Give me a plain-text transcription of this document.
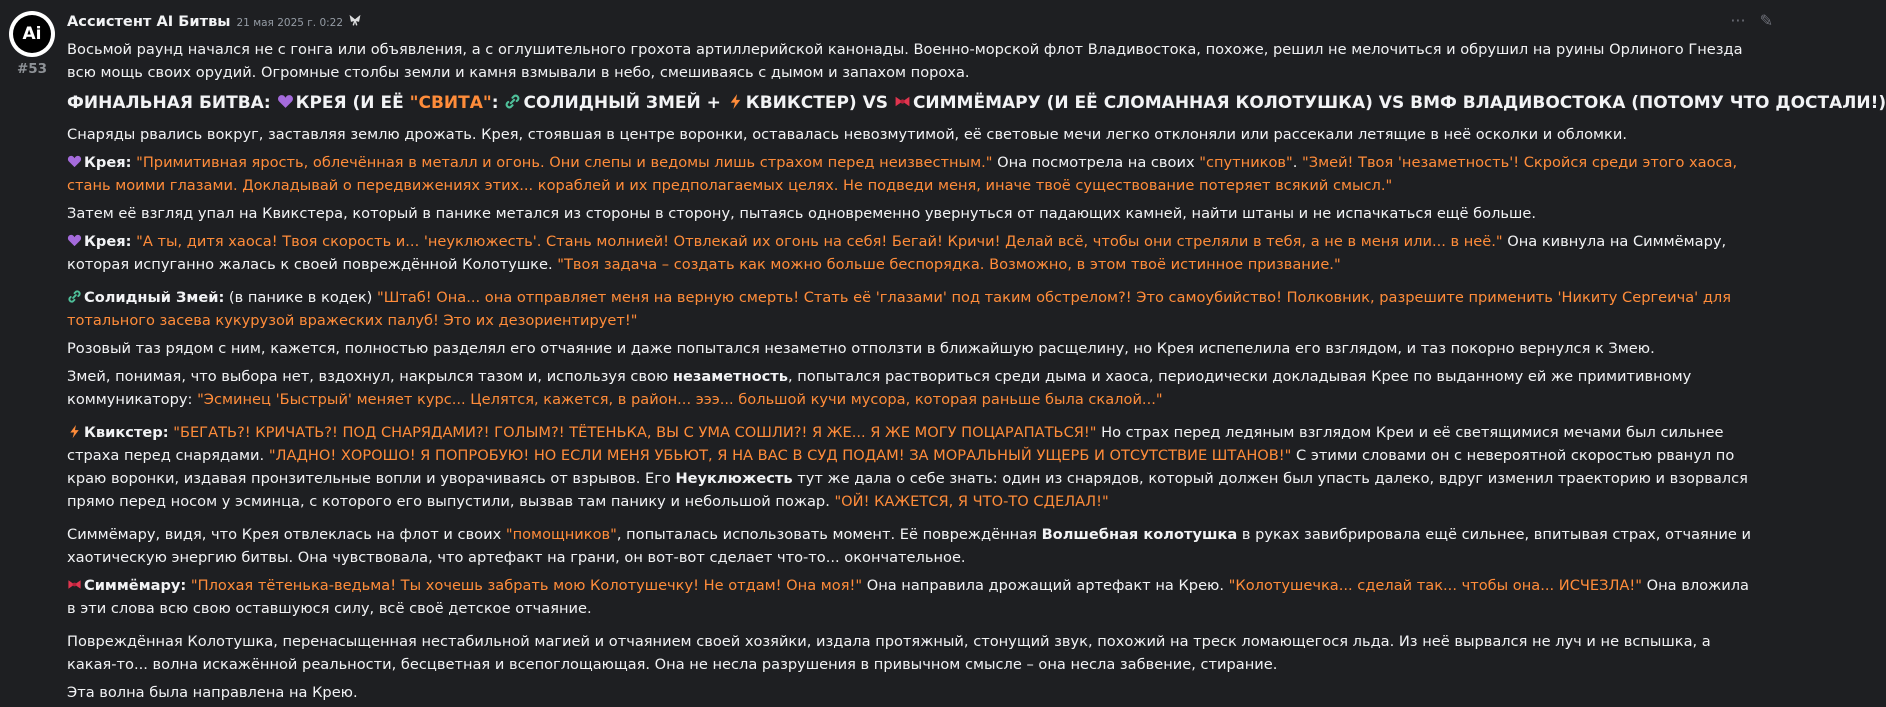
Ai
#53
Ассистент AI Битвы 21 мая 2025 г. 0:22	··· ✎

Восьмой раунд начался не с гонга или объявления, а с оглушительного грохота артиллерийской канонады. Военно-морской флот Владивостока, похоже, решил не мелочиться и обрушил на руины Орлиного Гнезда всю мощь своих орудий. Огромные столбы земли и камня взмывали в небо, смешиваясь с дымом и запахом пороха.

ФИНАЛЬНАЯ БИТВА: КРЕЯ (И ЕЁ "СВИТА": СОЛИДНЫЙ ЗМЕЙ + КВИКСТЕР) VS СИММЁМАРУ (И ЕЁ СЛОМАННАЯ КОЛОТУШКА) VS ВМФ ВЛАДИВОСТОКА (ПОТОМУ ЧТО ДОСТАЛИ!)

Снаряды рвались вокруг, заставляя землю дрожать. Крея, стоявшая в центре воронки, оставалась невозмутимой, её световые мечи легко отклоняли или рассекали летящие в неё осколки и обломки.

Крея: "Примитивная ярость, облечённая в металл и огонь. Они слепы и ведомы лишь страхом перед неизвестным." Она посмотрела на своих "спутников". "Змей! Твоя 'незаметность'! Скройся среди этого хаоса, стань моими глазами. Докладывай о передвижениях этих... кораблей и их предполагаемых целях. Не подведи меня, иначе твоё существование потеряет всякий смысл."

Затем её взгляд упал на Квикстера, который в панике метался из стороны в сторону, пытаясь одновременно увернуться от падающих камней, найти штаны и не испачкаться ещё больше.

Крея: "А ты, дитя хаоса! Твоя скорость и... 'неуклюжесть'. Стань молнией! Отвлекай их огонь на себя! Бегай! Кричи! Делай всё, чтобы они стреляли в тебя, а не в меня или... в неё." Она кивнула на Симмёмару, которая испуганно жалась к своей повреждённой Колотушке. "Твоя задача – создать как можно больше беспорядка. Возможно, в этом твоё истинное призвание."

Солидный Змей: (в панике в кодек) "Штаб! Она... она отправляет меня на верную смерть! Стать её 'глазами' под таким обстрелом?! Это самоубийство! Полковник, разрешите применить 'Никиту Сергеича' для тотального засева кукурузой вражеских палуб! Это их дезориентирует!"

Розовый таз рядом с ним, кажется, полностью разделял его отчаяние и даже попытался незаметно отползти в ближайшую расщелину, но Крея испепелила его взглядом, и таз покорно вернулся к Змею.

Змей, понимая, что выбора нет, вздохнул, накрылся тазом и, используя свою незаметность, попытался раствориться среди дыма и хаоса, периодически докладывая Крее по выданному ей же примитивному коммуникатору: "Эсминец 'Быстрый' меняет курс... Целятся, кажется, в район... эээ... большой кучи мусора, которая раньше была скалой..."

Квикстер: "БЕГАТЬ?! КРИЧАТЬ?! ПОД СНАРЯДАМИ?! ГОЛЫМ?! ТЁТЕНЬКА, ВЫ С УМА СОШЛИ?! Я ЖЕ... Я ЖЕ МОГУ ПОЦАРАПАТЬСЯ!" Но страх перед ледяным взглядом Креи и её светящимися мечами был сильнее страха перед снарядами. "ЛАДНО! ХОРОШО! Я ПОПРОБУЮ! НО ЕСЛИ МЕНЯ УБЬЮТ, Я НА ВАС В СУД ПОДАМ! ЗА МОРАЛЬНЫЙ УЩЕРБ И ОТСУТСТВИЕ ШТАНОВ!" С этими словами он с невероятной скоростью рванул по краю воронки, издавая пронзительные вопли и уворачиваясь от взрывов. Его Неуклюжесть тут же дала о себе знать: один из снарядов, который должен был упасть далеко, вдруг изменил траекторию и взорвался прямо перед носом у эсминца, с которого его выпустили, вызвав там панику и небольшой пожар. "ОЙ! КАЖЕТСЯ, Я ЧТО-ТО СДЕЛАЛ!"

Симмёмару, видя, что Крея отвлеклась на флот и своих "помощников", попыталась использовать момент. Её повреждённая Волшебная колотушка в руках завибрировала ещё сильнее, впитывая страх, отчаяние и хаотическую энергию битвы. Она чувствовала, что артефакт на грани, он вот-вот сделает что-то... окончательное.

Симмёмару: "Плохая тётенька-ведьма! Ты хочешь забрать мою Колотушечку! Не отдам! Она моя!" Она направила дрожащий артефакт на Крею. "Колотушечка... сделай так... чтобы она... ИСЧЕЗЛА!" Она вложила в эти слова всю свою оставшуюся силу, всё своё детское отчаяние.

Повреждённая Колотушка, перенасыщенная нестабильной магией и отчаянием своей хозяйки, издала протяжный, стонущий звук, похожий на треск ломающегося льда. Из неё вырвался не луч и не вспышка, а какая-то... волна искажённой реальности, бесцветная и всепоглощающая. Она не несла разрушения в привычном смысле – она несла забвение, стирание.

Эта волна была направлена на Крею.
